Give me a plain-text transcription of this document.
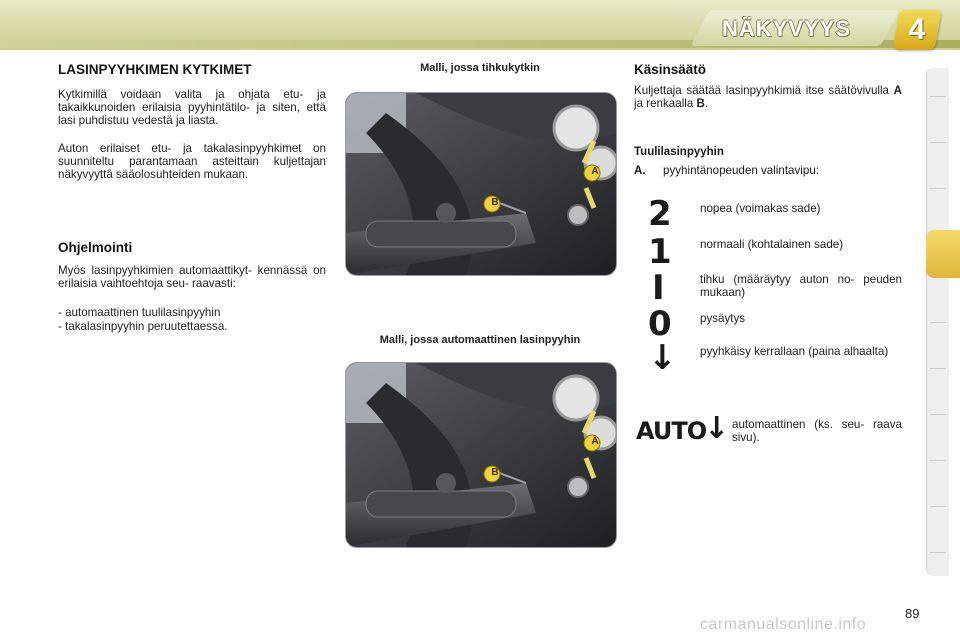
NÄKYVYYS	4
LASINPYYHKIMEN KYTKIMET
Kytkimillä voidaan valita ja ohjata etu- ja takaikkunoiden erilaisia pyyhintätilo- ja siten, että lasi puhdistuu vedestä ja liasta.
Auton erilaiset etu- ja takalasinpyyhkimet on suunniteltu parantamaan asteittain kuljettajan näkyvyyttä sääolosuhteiden mukaan.
Ohjelmointi
Myös lasinpyyhkimien automaattikyt- kennässä on erilaisia vaihtoehtoja seu- raavasti:
- automaattinen tuulilasinpyyhin
- takalasinpyyhin peruutettaessa.
Malli, jossa tihkukytkin
A
B
Malli, jossa automaattinen lasinpyyhin
A
B
Käsinsäätö
Kuljettaja säätää lasinpyyhkimiä itse säätövivulla A ja renkaalla B.
Tuulilasinpyyhin
A. pyyhintänopeuden valintavipu:
2 nopea (voimakas sade)
1 normaali (kohtalainen sade)
I	tihku (määräytyy auton no- peuden mukaan)
0 pysäytys
↓ pyyhkäisy kerrallaan (paina alhaalta)
AUTO
↓ automaattinen (ks. seu- raava sivu).
89
carmanualsonline.info
